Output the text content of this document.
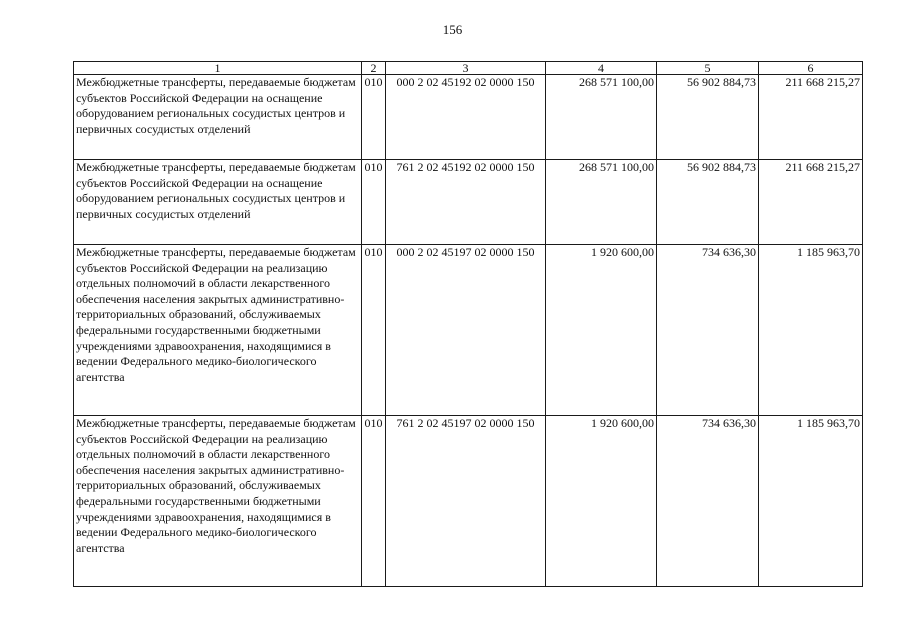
156
1	2	3	4	5	6
Межбюджетные трансферты, передаваемые бюджетам субъектов Российской Федерации на оснащение оборудованием региональных сосудистых центров и первичных сосудистых отделений	010	000 2 02 45192 02 0000 150	268 571 100,00	56 902 884,73	211 668 215,27
Межбюджетные трансферты, передаваемые бюджетам субъектов Российской Федерации на оснащение оборудованием региональных сосудистых центров и первичных сосудистых отделений	010	761 2 02 45192 02 0000 150	268 571 100,00	56 902 884,73	211 668 215,27
Межбюджетные трансферты, передаваемые бюджетам субъектов Российской Федерации на реализацию отдельных полномочий в области лекарственного обеспечения населения закрытых административно-территориальных образований, обслуживаемых федеральными государственными бюджетными учреждениями здравоохранения, находящимися в ведении Федерального медико-биологического агентства	010	000 2 02 45197 02 0000 150	1 920 600,00	734 636,30	1 185 963,70
Межбюджетные трансферты, передаваемые бюджетам субъектов Российской Федерации на реализацию отдельных полномочий в области лекарственного обеспечения населения закрытых административно-территориальных образований, обслуживаемых федеральными государственными бюджетными учреждениями здравоохранения, находящимися в ведении Федерального медико-биологического агентства	010	761 2 02 45197 02 0000 150	1 920 600,00	734 636,30	1 185 963,70
